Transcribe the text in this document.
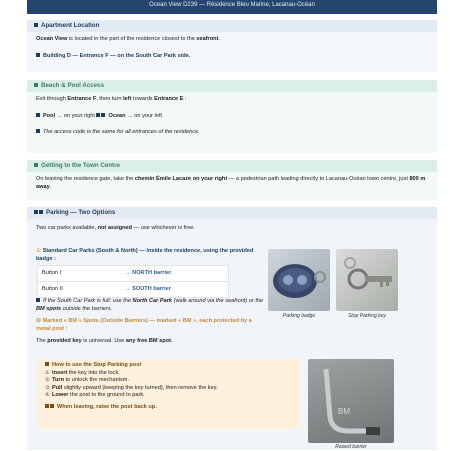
Ocean View D239 — Résidence Bleu Marine, Lacanau-Océan
Apartment Location

Ocean View is located in the part of the residence closest to the seafront.

Building D — Entrance F — on the South Car Park side.

Beach & Pool Access

Exit through Entrance F, then turn left towards Entrance E :

Pool → on your right Ocean → on your left

The access code is the same for all entrances of the residence.

Getting to the Town Centre

On leaving the residence gate, take the chemin Émile Lacaze on your right — a pedestrian path leading directly to Lacanau-Océan town centre, just 800 m away.

Parking — Two Options

Two car parks available, not assigned — use whichever is free.

① Standard Car Parks (South & North) — inside the residence, using the provided badge :

Button I	→ NORTH barrier
Button II	→ SOUTH barrier

If the South Car Park is full: use the North Car Park (walk around via the seafront) or the BM spots outside the barriers.

② Marked « BM » Spots (Outside Barriers) — marked « BM », each protected by a metal post :

The provided key is universal. Use any free BM spot.

Parking badge	Stop Parking key

How to use the Stop Parking post

① Insert the key into the lock.

② Turn to unlock the mechanism.

③ Pull slightly upward (keeping the key turned), then remove the key.

④ Lower the post to the ground to park.

When leaving, raise the post back up.

BM
Raised barrier
